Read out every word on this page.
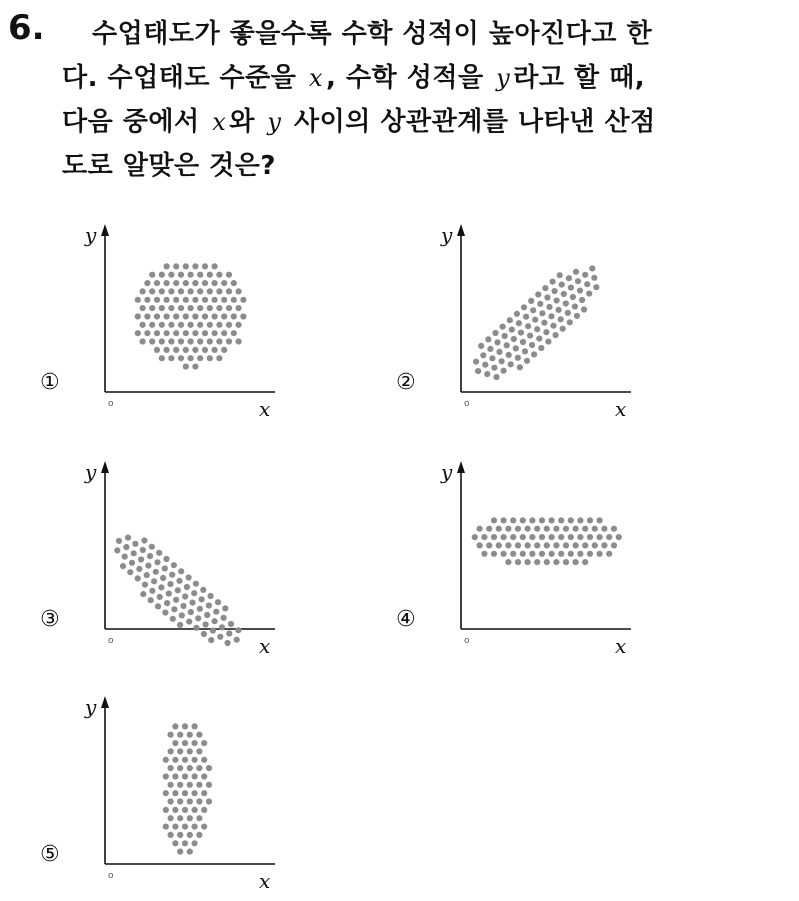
6.	수업태도가 좋을수록 수학 성적이 높아진다고 한
다. 수업태도 수준을 x , 수학 성적을 y 라고 할 때,
다음 중에서 x 와 y 사이의 상관관계를 나타낸 산점
도로 알맞은 것은?
①
y
x
o
②
y
x
o
③
y
x
o
④
y
x
o
⑤
y
x
o
